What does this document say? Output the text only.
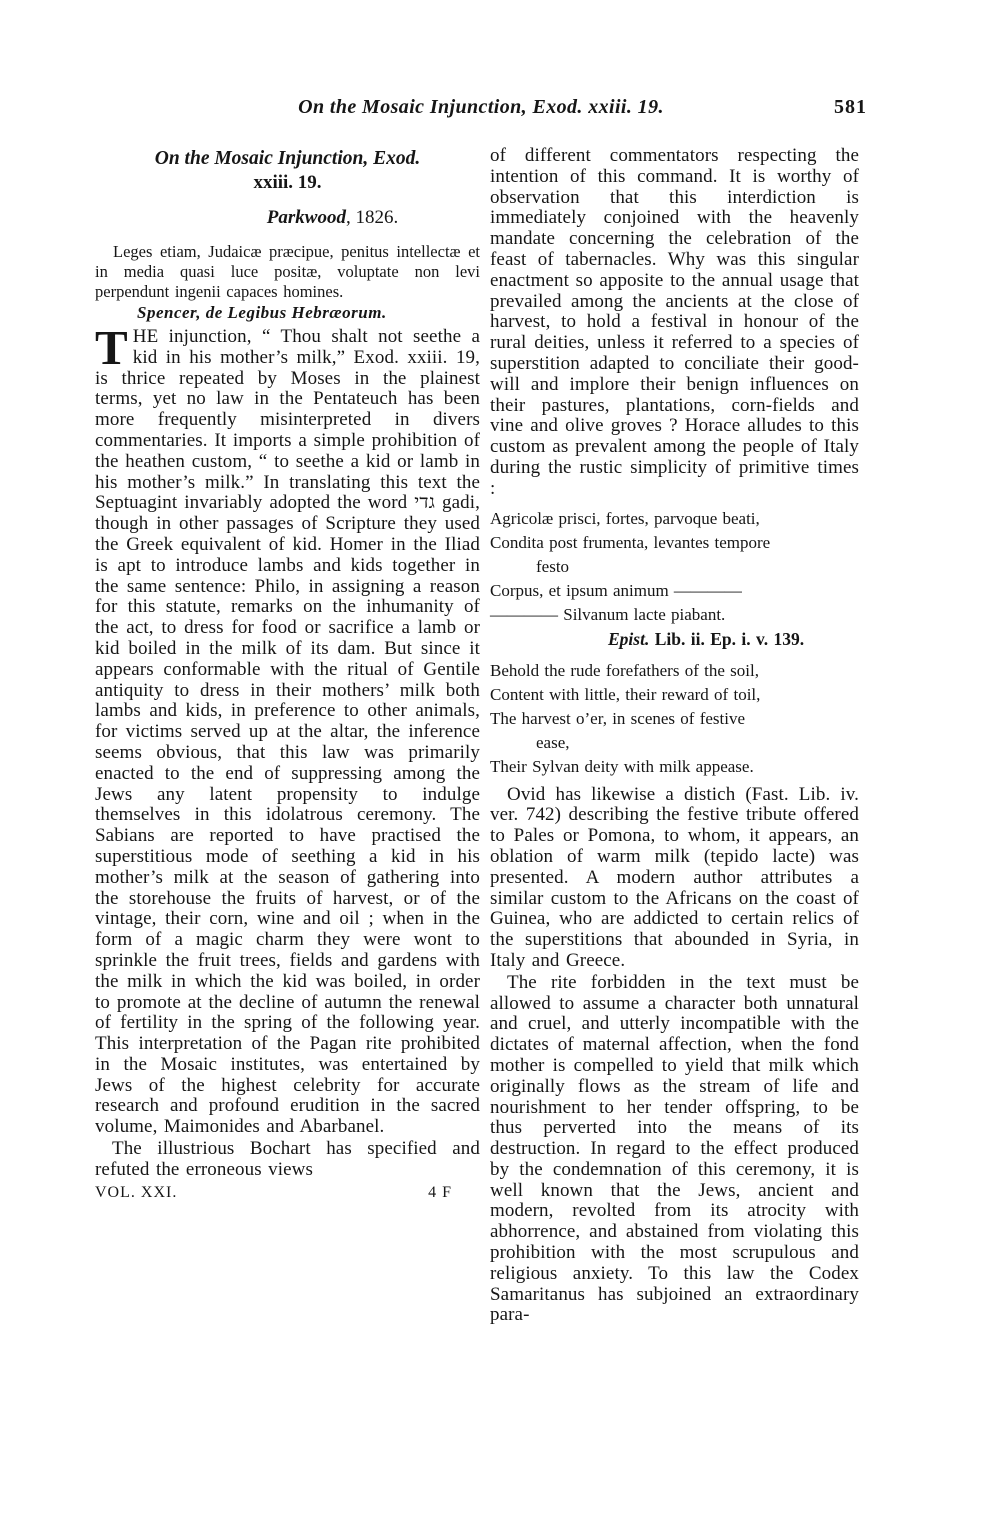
On the Mosaic Injunction, Exod. xxiii. 19.	581
On the Mosaic Injunction, Exod.
xxiii. 19.
Parkwood, 1826.
Leges etiam, Judaicæ præcipue, penitus intellectæ et in media quasi luce positæ, voluptate non levi perpendunt ingenii capaces homines.
Spencer, de Legibus Hebræorum.
THE injunction, “ Thou shalt not seethe a kid in his mother’s milk,” Exod. xxiii. 19, is thrice repeated by Moses in the plainest terms, yet no law in the Pentateuch has been more frequently misinterpreted in divers commentaries. It imports a simple prohibition of the heathen custom, “ to seethe a kid or lamb in his mother’s milk.” In translating this text the Septuagint invariably adopted the word גדי gadi, though in other passages of Scripture they used the Greek equivalent of kid. Homer in the Iliad is apt to introduce lambs and kids together in the same sentence: Philo, in assigning a reason for this statute, remarks on the inhumanity of the act, to dress for food or sacrifice a lamb or kid boiled in the milk of its dam. But since it appears conformable with the ritual of Gentile antiquity to dress in their mothers’ milk both lambs and kids, in preference to other animals, for victims served up at the altar, the inference seems obvious, that this law was primarily enacted to the end of suppressing among the Jews any latent propensity to indulge themselves in this idolatrous ceremony. The Sabians are reported to have practised the superstitious mode of seething a kid in his mother’s milk at the season of gathering into the storehouse the fruits of harvest, or of the vintage, their corn, wine and oil ; when in the form of a magic charm they were wont to sprinkle the fruit trees, fields and gardens with the milk in which the kid was boiled, in order to promote at the decline of autumn the renewal of fertility in the spring of the following year. This interpretation of the Pagan rite prohibited in the Mosaic institutes, was entertained by Jews of the highest celebrity for accurate research and profound erudition in the sacred volume, Maimonides and Abarbanel.
The illustrious Bochart has specified and refuted the erroneous views
VOL. XXI.	4 F
of different commentators respecting the intention of this command. It is worthy of observation that this interdiction is immediately conjoined with the heavenly mandate concerning the celebration of the feast of tabernacles. Why was this singular enactment so apposite to the annual usage that prevailed among the ancients at the close of harvest, to hold a festival in honour of the rural deities, unless it referred to a species of superstition adapted to conciliate their good-will and implore their benign influences on their pastures, plantations, corn-fields and vine and olive groves ? Horace alludes to this custom as prevalent among the people of Italy during the rustic simplicity of primitive times :
Agricolæ prisci, fortes, parvoque beati,
Condita post frumenta, levantes tempore
festo
Corpus, et ipsum animum ————
———— Silvanum lacte piabant.
Epist. Lib. ii. Ep. i. v. 139.
Behold the rude forefathers of the soil,
Content with little, their reward of toil,
The harvest o’er, in scenes of festive
ease,
Their Sylvan deity with milk appease.
Ovid has likewise a distich (Fast. Lib. iv. ver. 742) describing the festive tribute offered to Pales or Pomona, to whom, it appears, an oblation of warm milk (tepido lacte) was presented. A modern author attributes a similar custom to the Africans on the coast of Guinea, who are addicted to certain relics of the superstitions that abounded in Syria, in Italy and Greece.
The rite forbidden in the text must be allowed to assume a character both unnatural and cruel, and utterly incompatible with the dictates of maternal affection, when the fond mother is compelled to yield that milk which originally flows as the stream of life and nourishment to her tender offspring, to be thus perverted into the means of its destruction. In regard to the effect produced by the condemnation of this ceremony, it is well known that the Jews, ancient and modern, revolted from its atrocity with abhorrence, and abstained from violating this prohibition with the most scrupulous and religious anxiety. To this law the Codex Samaritanus has subjoined an extraordinary para-
